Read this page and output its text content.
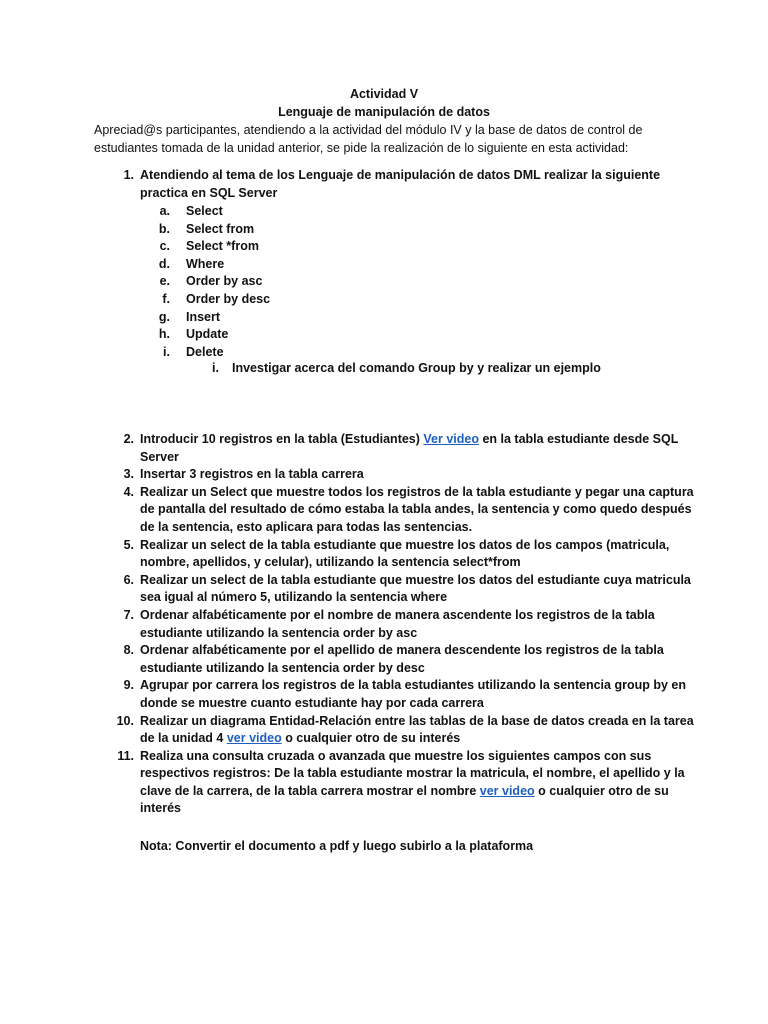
Actividad V
Lenguaje de manipulación de datos
Apreciad@s participantes, atendiendo a la actividad del módulo IV y la base de datos de control de
estudiantes tomada de la unidad anterior, se pide la realización de lo siguiente en esta actividad:
1. Atendiendo al tema de los Lenguaje de manipulación de datos DML realizar la siguiente
practica en SQL Server
a. Select
b. Select from
c. Select *from
d. Where
e. Order by asc
f. Order by desc
g. Insert
h. Update
i. Delete
i. Investigar acerca del comando Group by y realizar un ejemplo
2. Introducir 10 registros en la tabla (Estudiantes) Ver video en la tabla estudiante desde SQL
Server
3. Insertar 3 registros en la tabla carrera
4. Realizar un Select que muestre todos los registros de la tabla estudiante y pegar una captura
de pantalla del resultado de cómo estaba la tabla andes, la sentencia y como quedo después
de la sentencia, esto aplicara para todas las sentencias.
5. Realizar un select de la tabla estudiante que muestre los datos de los campos (matricula,
nombre, apellidos, y celular), utilizando la sentencia select*from
6. Realizar un select de la tabla estudiante que muestre los datos del estudiante cuya matricula
sea igual al número 5, utilizando la sentencia where
7. Ordenar alfabéticamente por el nombre de manera ascendente los registros de la tabla
estudiante utilizando la sentencia order by asc
8. Ordenar alfabéticamente por el apellido de manera descendente los registros de la tabla
estudiante utilizando la sentencia order by desc
9. Agrupar por carrera los registros de la tabla estudiantes utilizando la sentencia group by en
donde se muestre cuanto estudiante hay por cada carrera
10. Realizar un diagrama Entidad-Relación entre las tablas de la base de datos creada en la tarea
de la unidad 4 ver video o cualquier otro de su interés
11. Realiza una consulta cruzada o avanzada que muestre los siguientes campos con sus
respectivos registros: De la tabla estudiante mostrar la matricula, el nombre, el apellido y la
clave de la carrera, de la tabla carrera mostrar el nombre ver video o cualquier otro de su
interés
Nota: Convertir el documento a pdf y luego subirlo a la plataforma
